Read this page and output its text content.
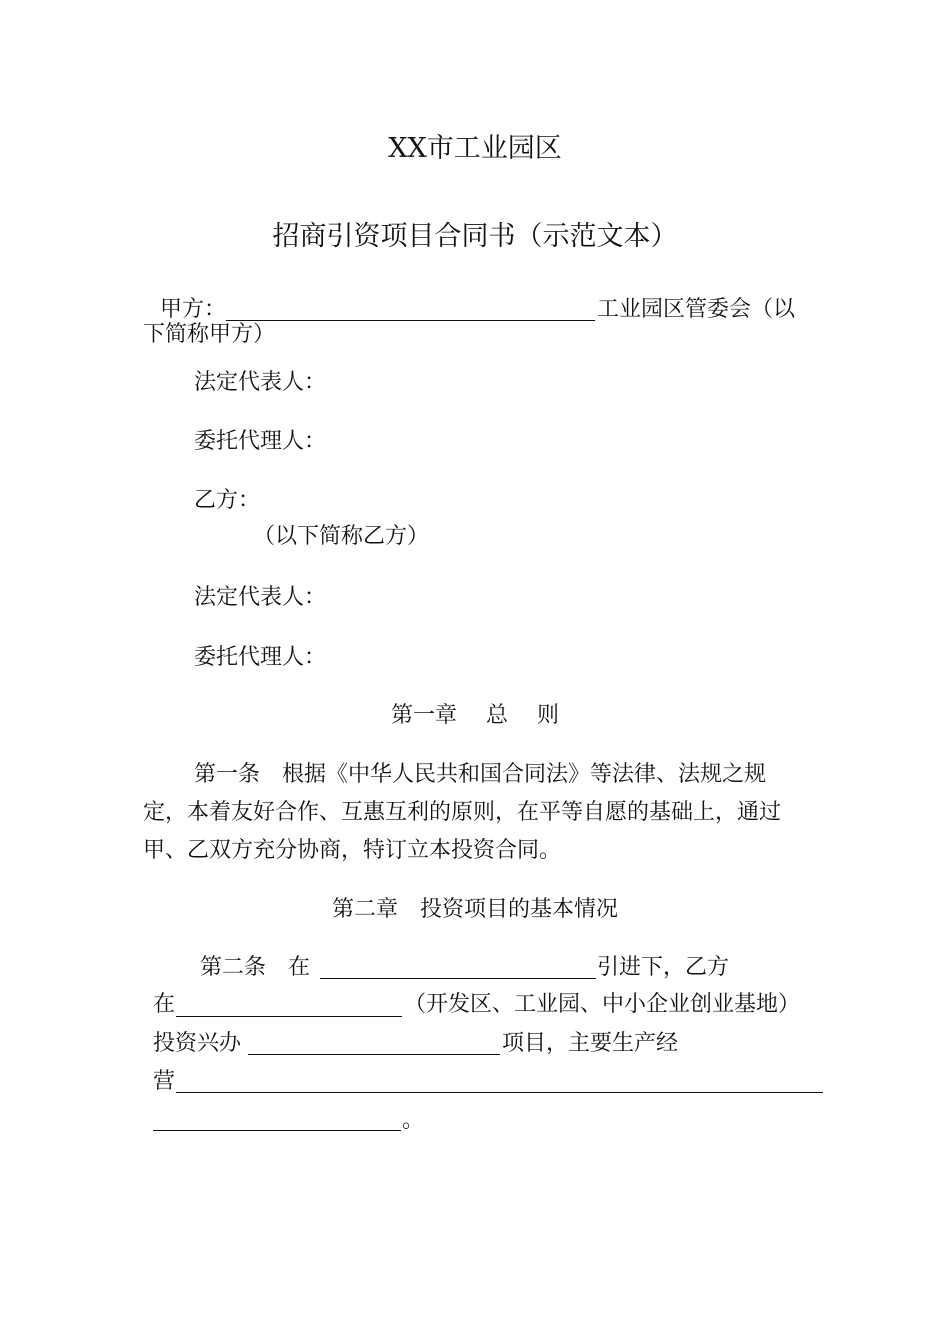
XX市工业园区
招商引资项目合同书（示范文本）
甲方：	工业园区管委会（以
下简称甲方）
法定代表人：
委托代理人：
乙方：
（以下简称乙方）
法定代表人：
委托代理人：
第一章　 总　 则
第一条　根据《中华人民共和国合同法》等法律、法规之规
定，本着友好合作、互惠互利的原则，在平等自愿的基础上，通过
甲、乙双方充分协商，特订立本投资合同。
第二章　投资项目的基本情况
第二条　在	引进下，乙方
在	（开发区、工业园、中小企业创业基地）
投资兴办	项目，主要生产经
营
。
